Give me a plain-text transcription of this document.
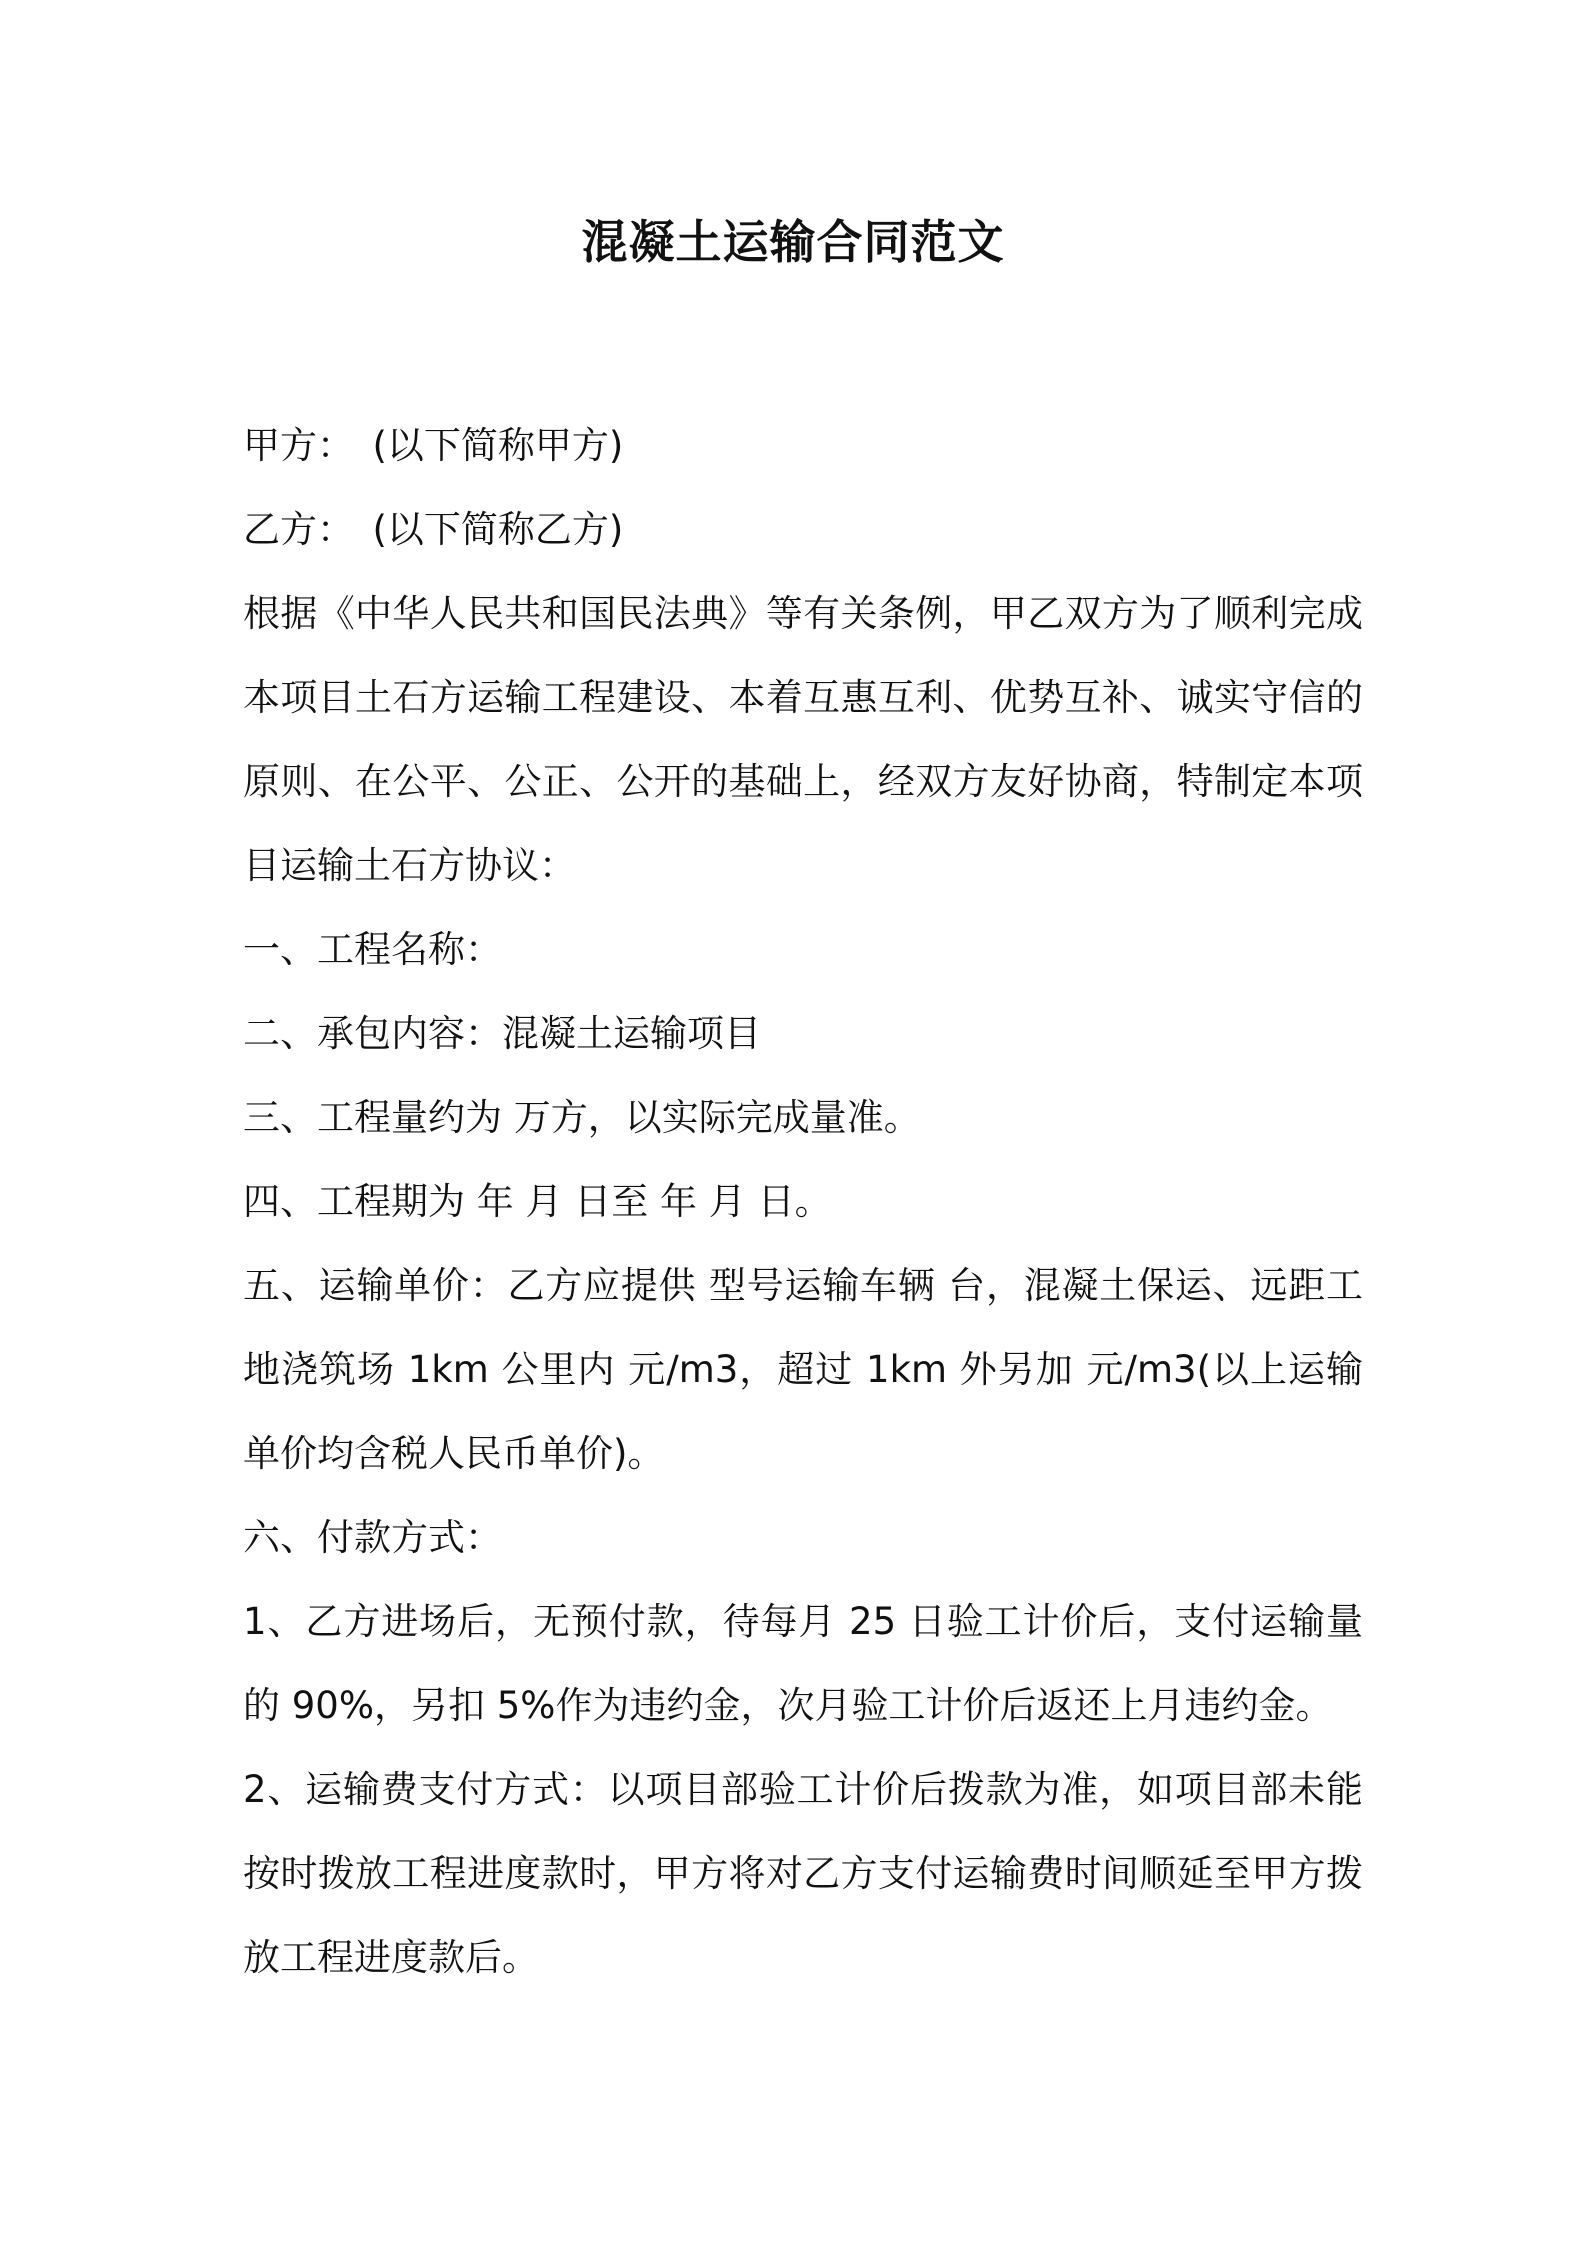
混凝土运输合同范文

甲方：　(以下简称甲方)

乙方：　(以下简称乙方)

根据《中华人民共和国民法典》等有关条例，甲乙双方为了顺利完成本项目土石方运输工程建设、本着互惠互利、优势互补、诚实守信的原则、在公平、公正、公开的基础上，经双方友好协商，特制定本项目运输土石方协议：

一、工程名称：

二、承包内容：混凝土运输项目

三、工程量约为 万方，以实际完成量准。

四、工程期为 年 月 日至 年 月 日。

五、运输单价：乙方应提供 型号运输车辆 台，混凝土保运、远距工地浇筑场 1km 公里内 元/m3，超过 1km 外另加 元/m3(以上运输单价均含税人民币单价)。

六、付款方式：

1、乙方进场后，无预付款，待每月 25 日验工计价后，支付运输量的 90%，另扣 5%作为违约金，次月验工计价后返还上月违约金。

2、运输费支付方式：以项目部验工计价后拨款为准，如项目部未能按时拨放工程进度款时，甲方将对乙方支付运输费时间顺延至甲方拨放工程进度款后。
